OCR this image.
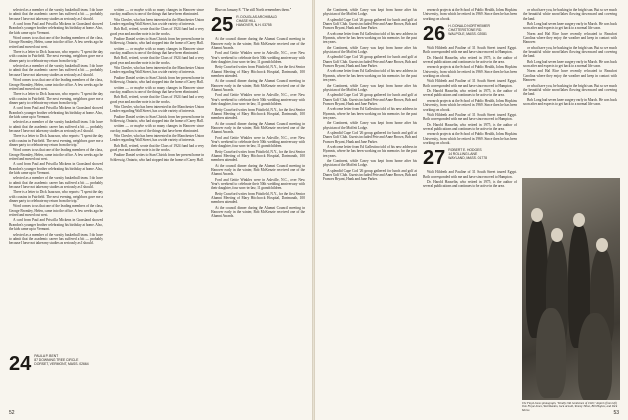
selected as a member of the varsity basketball team. I do have to admit that the academic career has suffered a bit — probably because I have not taken my studies as seriously as I should.

A card from Paul and Priscilla Mickens in Grassland showed Brandon's younger brother celebrating his birthday at home. Also, the kids came up to Vermont.

Word comes to us that one of the leading members of the class, George Bromley, Helen, came into the office. A few weeks ago he retired and moved out west.

There is a letter to Dick Isaacson, who reports: "I spent the day with cousins in Fairfield. The next evening, neighbors gave me a dinner party to celebrate my return from the trip."

selected as a member of the varsity basketball team. I do have to admit that the academic career has suffered a bit — probably because I have not taken my studies as seriously as I should.

Word comes to us that one of the leading members of the class, George Bromley, Helen, came into the office. A few weeks ago he retired and moved out west.

There is a letter to Dick Isaacson, who reports: "I spent the day with cousins in Fairfield. The next evening, neighbors gave me a dinner party to celebrate my return from the trip."

A card from Paul and Priscilla Mickens in Grassland showed Brandon's younger brother celebrating his birthday at home. Also, the kids came up to Vermont.

selected as a member of the varsity basketball team. I do have to admit that the academic career has suffered a bit — probably because I have not taken my studies as seriously as I should.

There is a letter to Dick Isaacson, who reports: "I spent the day with cousins in Fairfield. The next evening, neighbors gave me a dinner party to celebrate my return from the trip."

Word comes to us that one of the leading members of the class, George Bromley, Helen, came into the office. A few weeks ago he retired and moved out west.

A card from Paul and Priscilla Mickens in Grassland showed Brandon's younger brother celebrating his birthday at home. Also, the kids came up to Vermont.

selected as a member of the varsity basketball team. I do have to admit that the academic career has suffered a bit — probably because I have not taken my studies as seriously as I should.

There is a letter to Dick Isaacson, who reports: "I spent the day with cousins in Fairfield. The next evening, neighbors gave me a dinner party to celebrate my return from the trip."

Word comes to us that one of the leading members of the class, George Bromley, Helen, came into the office. A few weeks ago he retired and moved out west.

A card from Paul and Priscilla Mickens in Grassland showed Brandon's younger brother celebrating his birthday at home. Also, the kids came up to Vermont.

selected as a member of the varsity basketball team. I do have to admit that the academic career has suffered a bit — probably because I have not taken my studies as seriously as I should.

24 PAULA P. BENT
87 DOWNING TREE CIRCLE
DORSET, VERMONT, MASS. 02664

written — or maybe with so many changes in Hanover since our day, mailbox is one of the things that have been eliminated.

Win Chesler, who has been interested in the Manchester Union Leader regarding Wall Street, has a wide variety of interests.

Bob Boll, retired, wrote that the Class of 1924 fund had a very good year and another note is in the works.

Pauline Daniel writes to Stan Chirick from her present home in Schleswig. Ontario, who had stopped into the home of Carey Hall.

written — or maybe with so many changes in Hanover since our day, mailbox is one of the things that have been eliminated.

Bob Boll, retired, wrote that the Class of 1924 fund had a very good year and another note is in the works.

Win Chesler, who has been interested in the Manchester Union Leader regarding Wall Street, has a wide variety of interests.

Pauline Daniel writes to Stan Chirick from her present home in Schleswig. Ontario, who had stopped into the home of Carey Hall.

written — or maybe with so many changes in Hanover since our day, mailbox is one of the things that have been eliminated.

Bob Boll, retired, wrote that the Class of 1924 fund had a very good year and another note is in the works.

Win Chesler, who has been interested in the Manchester Union Leader regarding Wall Street, has a wide variety of interests.

Pauline Daniel writes to Stan Chirick from her present home in Schleswig. Ontario, who had stopped into the home of Carey Hall.

written — or maybe with so many changes in Hanover since our day, mailbox is one of the things that have been eliminated.

Win Chesler, who has been interested in the Manchester Union Leader regarding Wall Street, has a wide variety of interests.

Bob Boll, retired, wrote that the Class of 1924 fund had a very good year and another note is in the works.

Pauline Daniel writes to Stan Chirick from her present home in Schleswig. Ontario, who had stopped into the home of Carey Hall.

Blue on January 8. "The still North remembers them."

25 R. DOUGLAS ARCHIBALD
CHASE HILL
HANOVER, N.H. 03755

At the council dinner during the Alumni Council meeting in Hanover early in the winter, Bob McKenzie received one of the Alumni Awards.

Ford and Gettie Winkles were in Ashville, N.C., over New Year's weekend to celebrate their 50th wedding anniversary with their daughter, four sons-in-law, 11 grandchildren.

Betty Crawford writes from Pittsfield, N.Y., for the first Senior Alumni Meeting of Mary Hitchcock Hospital, Dartmouth, 100 members attended.

At the council dinner during the Alumni Council meeting in Hanover early in the winter, Bob McKenzie received one of the Alumni Awards.

Ford and Gettie Winkles were in Ashville, N.C., over New Year's weekend to celebrate their 50th wedding anniversary with their daughter, four sons-in-law, 11 grandchildren.

Betty Crawford writes from Pittsfield, N.Y., for the first Senior Alumni Meeting of Mary Hitchcock Hospital, Dartmouth, 100 members attended.

At the council dinner during the Alumni Council meeting in Hanover early in the winter, Bob McKenzie received one of the Alumni Awards.

Ford and Gettie Winkles were in Ashville, N.C., over New Year's weekend to celebrate their 50th wedding anniversary with their daughter, four sons-in-law, 11 grandchildren.

Betty Crawford writes from Pittsfield, N.Y., for the first Senior Alumni Meeting of Mary Hitchcock Hospital, Dartmouth, 100 members attended.

At the council dinner during the Alumni Council meeting in Hanover early in the winter, Bob McKenzie received one of the Alumni Awards.

Ford and Gettie Winkles were in Ashville, N.C., over New Year's weekend to celebrate their 50th wedding anniversary with their daughter, four sons-in-law, 11 grandchildren.

Betty Crawford writes from Pittsfield, N.Y., for the first Senior Alumni Meeting of Mary Hitchcock Hospital, Dartmouth, 100 members attended.

At the council dinner during the Alumni Council meeting in Hanover early in the winter, Bob McKenzie received one of the Alumni Awards.

52

the Continent, while Casey was kept from home after his physician of the Moffett Lodge.

A splendid Cape Cod '26 group gathered for lunch and golf at Dunes Golf Club. Guests included Pete and Anne Brown, Bob and Frances Bryant, Hank and Jane Parker.

A welcome letter from Ed Gallestino told of his new address in Hyannis, where he has been working on his memoirs for the past ten years.

the Continent, while Casey was kept from home after his physician of the Moffett Lodge.

A splendid Cape Cod '26 group gathered for lunch and golf at Dunes Golf Club. Guests included Pete and Anne Brown, Bob and Frances Bryant, Hank and Jane Parker.

A welcome letter from Ed Gallestino told of his new address in Hyannis, where he has been working on his memoirs for the past ten years.

the Continent, while Casey was kept from home after his physician of the Moffett Lodge.

A splendid Cape Cod '26 group gathered for lunch and golf at Dunes Golf Club. Guests included Pete and Anne Brown, Bob and Frances Bryant, Hank and Jane Parker.

A welcome letter from Ed Gallestino told of his new address in Hyannis, where he has been working on his memoirs for the past ten years.

the Continent, while Casey was kept from home after his physician of the Moffett Lodge.

A splendid Cape Cod '26 group gathered for lunch and golf at Dunes Golf Club. Guests included Pete and Anne Brown, Bob and Frances Bryant, Hank and Jane Parker.

A welcome letter from Ed Gallestino told of his new address in Hyannis, where he has been working on his memoirs for the past ten years.

the Continent, while Casey was kept from home after his physician of the Moffett Lodge.

A splendid Cape Cod '26 group gathered for lunch and golf at Dunes Golf Club. Guests included Pete and Anne Brown, Bob and Frances Bryant, Hank and Jane Parker.

research projects at the School of Public Health, Johns Hopkins University, from which he retired in 1969. Since then he has been working on a book.

26 H. DONALD NORTHEIMER
CHATTERSTONE RD.
WALPOLE, MASS. 02081

Walt Hildreth and Pauline of 31 South Street toured Egypt. Both corresponded with me and have since moved to Hampton.

Dr. Harold Haaselin, who retired in 1975, is the author of several publications and continues to be active in the area.

research projects at the School of Public Health, Johns Hopkins University, from which he retired in 1969. Since then he has been working on a book.

Walt Hildreth and Pauline of 31 South Street toured Egypt. Both corresponded with me and have since moved to Hampton.

Dr. Harold Haaselin, who retired in 1975, is the author of several publications and continues to be active in the area.

research projects at the School of Public Health, Johns Hopkins University, from which he retired in 1969. Since then he has been working on a book.

Walt Hildreth and Pauline of 31 South Street toured Egypt. Both corresponded with me and have since moved to Hampton.

Dr. Harold Haaselin, who retired in 1975, is the author of several publications and continues to be active in the area.

research projects at the School of Public Health, Johns Hopkins University, from which he retired in 1969. Since then he has been working on a book.

27 ROBERT E. HODGES
14 ROLLING LANE
WAYLAND, MASS. 01778

Walt Hildreth and Pauline of 31 South Street toured Egypt. Both corresponded with me and have since moved to Hampton.

Dr. Harold Haaselin, who retired in 1975, is the author of several publications and continues to be active in the area.

or what have you, be basking in the bright sun. But so we much the beautiful white snowflakes flowing downward and covering the land.

Bob Long had seven knee surgery early in March. He was back soon after and expects to get back to a normal life soon.

Norm and Hal Rice have recently relocated to Beaufort Carolina where they enjoy the weather and keep in contact with Hanover.

or what have you, be basking in the bright sun. But so we much the beautiful white snowflakes flowing downward and covering the land.

Bob Long had seven knee surgery early in March. He was back soon after and expects to get back to a normal life soon.

Norm and Hal Rice have recently relocated to Beaufort Carolina where they enjoy the weather and keep in contact with Hanover.

or what have you, be basking in the bright sun. But so we much the beautiful white snowflakes flowing downward and covering the land.

Bob Long had seven knee surgery early in March. He was back soon after and expects to get back to a normal life soon.

The Floyd-Jones photograph, "Kindly Old Gentlemen of 1926," depicts (from left) Tom Floyd-Jones, Walt Rankin, Jack Arnold, Tommy Tilton, Bill Hughes, and Dick Morse.
53
